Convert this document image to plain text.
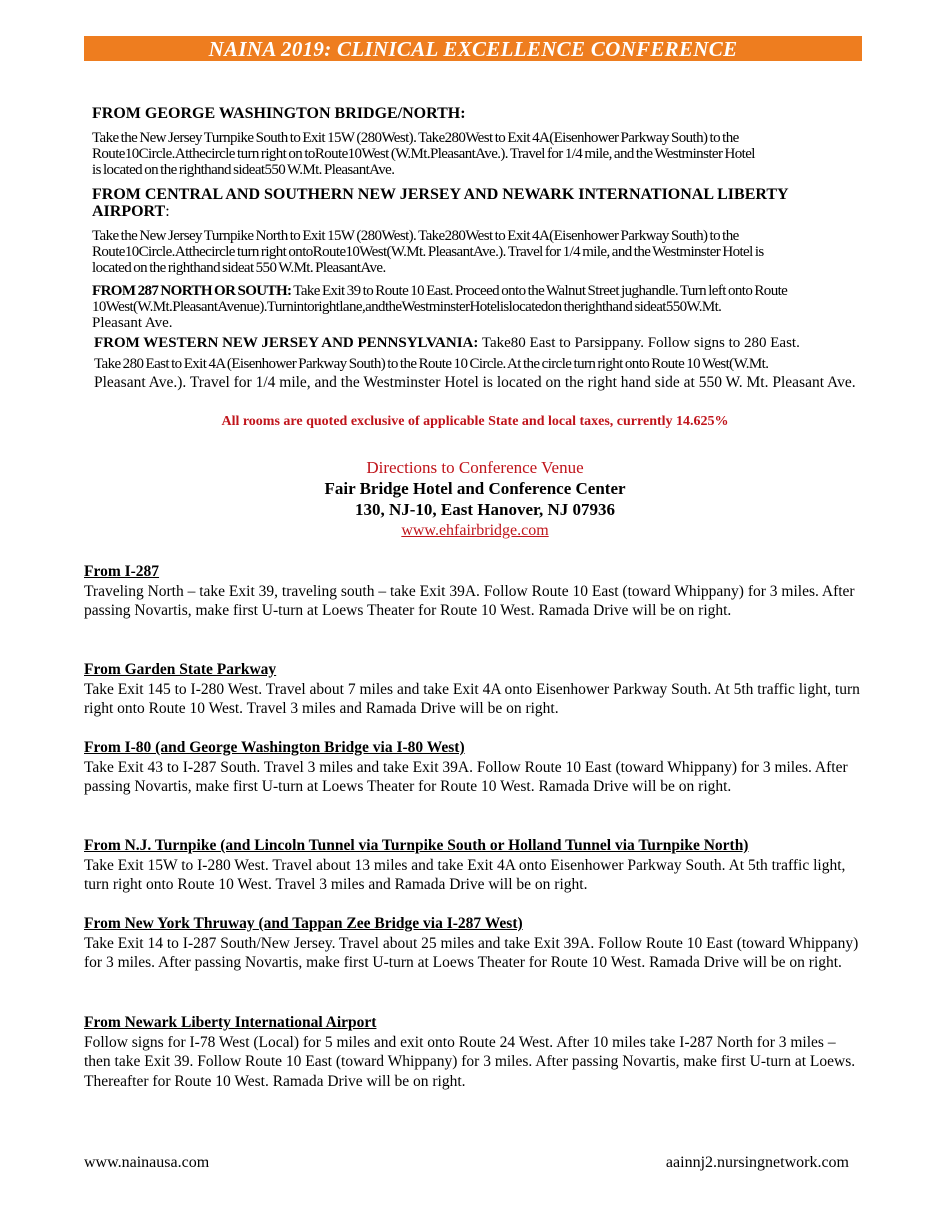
NAINA 2019: CLINICAL EXCELLENCE CONFERENCE

FROM GEORGE WASHINGTON BRIDGE/NORTH:

Take the New Jersey Turnpike South to Exit 15W (280West). Take280West to Exit 4A(Eisenhower Parkway South) to the

Route10Circle.Atthecircle turn right on toRoute10West (W.Mt.PleasantAve.). Travel for 1/4 mile, and the Westminster Hotel

is located on the righthand sideat550 W.Mt. PleasantAve.

FROM CENTRAL AND SOUTHERN NEW JERSEY AND NEWARK INTERNATIONAL LIBERTY

AIRPORT:

Take the New Jersey Turnpike North to Exit 15W (280West). Take280West to Exit 4A(Eisenhower Parkway South) to the

Route10Circle.Atthecircle turn right ontoRoute10West(W.Mt. PleasantAve.). Travel for 1/4 mile, and the Westminster Hotel is

located on the righthand sideat 550 W.Mt. PleasantAve.

FROM 287 NORTH OR SOUTH: Take Exit 39 to Route 10 East. Proceed onto the Walnut Street jughandle. Turn left onto Route

10West(W.Mt.PleasantAvenue).Turnintorightlane,andtheWestminsterHotelislocatedon therighthand sideat550W.Mt.

Pleasant Ave.

FROM WESTERN NEW JERSEY AND PENNSYLVANIA: Take80 East to Parsippany. Follow signs to 280 East.

Take 280 East to Exit 4A (Eisenhower Parkway South) to the Route 10 Circle. At the circle turn right onto Route 10 West(W.Mt.

Pleasant Ave.). Travel for 1/4 mile, and the Westminster Hotel is located on the right hand side at 550 W. Mt. Pleasant Ave.

All rooms are quoted exclusive of applicable State and local taxes, currently 14.625%
Directions to Conference Venue
Fair Bridge Hotel and Conference Center
130, NJ-10, East Hanover, NJ 07936
www.ehfairbridge.com
From I-287
Traveling North – take Exit 39, traveling south – take Exit 39A. Follow Route 10 East (toward Whippany) for 3 miles. After passing Novartis, make first U-turn at Loews Theater for Route 10 West. Ramada Drive will be on right.
From Garden State Parkway
Take Exit 145 to I-280 West. Travel about 7 miles and take Exit 4A onto Eisenhower Parkway South. At 5th traffic light, turn right onto Route 10 West. Travel 3 miles and Ramada Drive will be on right.
From I-80 (and George Washington Bridge via I-80 West)
Take Exit 43 to I-287 South. Travel 3 miles and take Exit 39A. Follow Route 10 East (toward Whippany) for 3 miles. After passing Novartis, make first U-turn at Loews Theater for Route 10 West. Ramada Drive will be on right.
From N.J. Turnpike (and Lincoln Tunnel via Turnpike South or Holland Tunnel via Turnpike North)
Take Exit 15W to I-280 West. Travel about 13 miles and take Exit 4A onto Eisenhower Parkway South. At 5th traffic light, turn right onto Route 10 West. Travel 3 miles and Ramada Drive will be on right.
From New York Thruway (and Tappan Zee Bridge via I-287 West)
Take Exit 14 to I-287 South/New Jersey. Travel about 25 miles and take Exit 39A. Follow Route 10 East (toward Whippany) for 3 miles. After passing Novartis, make first U-turn at Loews Theater for Route 10 West. Ramada Drive will be on right.
From Newark Liberty International Airport
Follow signs for I-78 West (Local) for 5 miles and exit onto Route 24 West. After 10 miles take I-287 North for 3 miles – then take Exit 39. Follow Route 10 East (toward Whippany) for 3 miles. After passing Novartis, make first U-turn at Loews. Thereafter for Route 10 West. Ramada Drive will be on right.
www.nainausa.com	aainnj2.nursingnetwork.com
